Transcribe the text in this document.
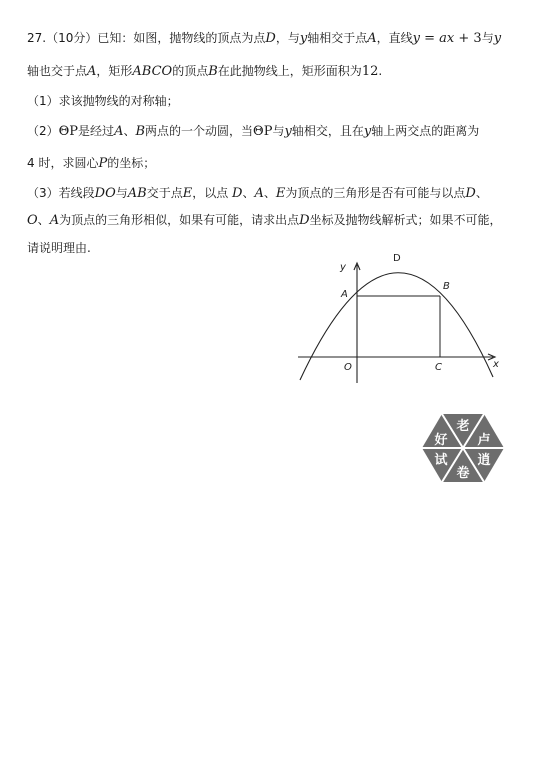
27.（10分）已知：如图，抛物线的顶点为点D，与y轴相交于点A，直线y = ax + 3与y
轴也交于点A，矩形ABCO的顶点B在此抛物线上，矩形面积为12.
（1）求该抛物线的对称轴；
（2）ΘP是经过A、B两点的一个动圆，当ΘP与y轴相交，且在y轴上两交点的距离为
4 时，求圆心P的坐标；
（3）若线段DO与AB交于点E，以点 D、A、E为顶点的三角形是否有可能与以点D、
O、A为顶点的三角形相似，如果有可能，请求出点D坐标及抛物线解析式；如果不可能，
请说明理由.
y
D
A
B
O	C	x
老
卢
好
试
卷
逍
